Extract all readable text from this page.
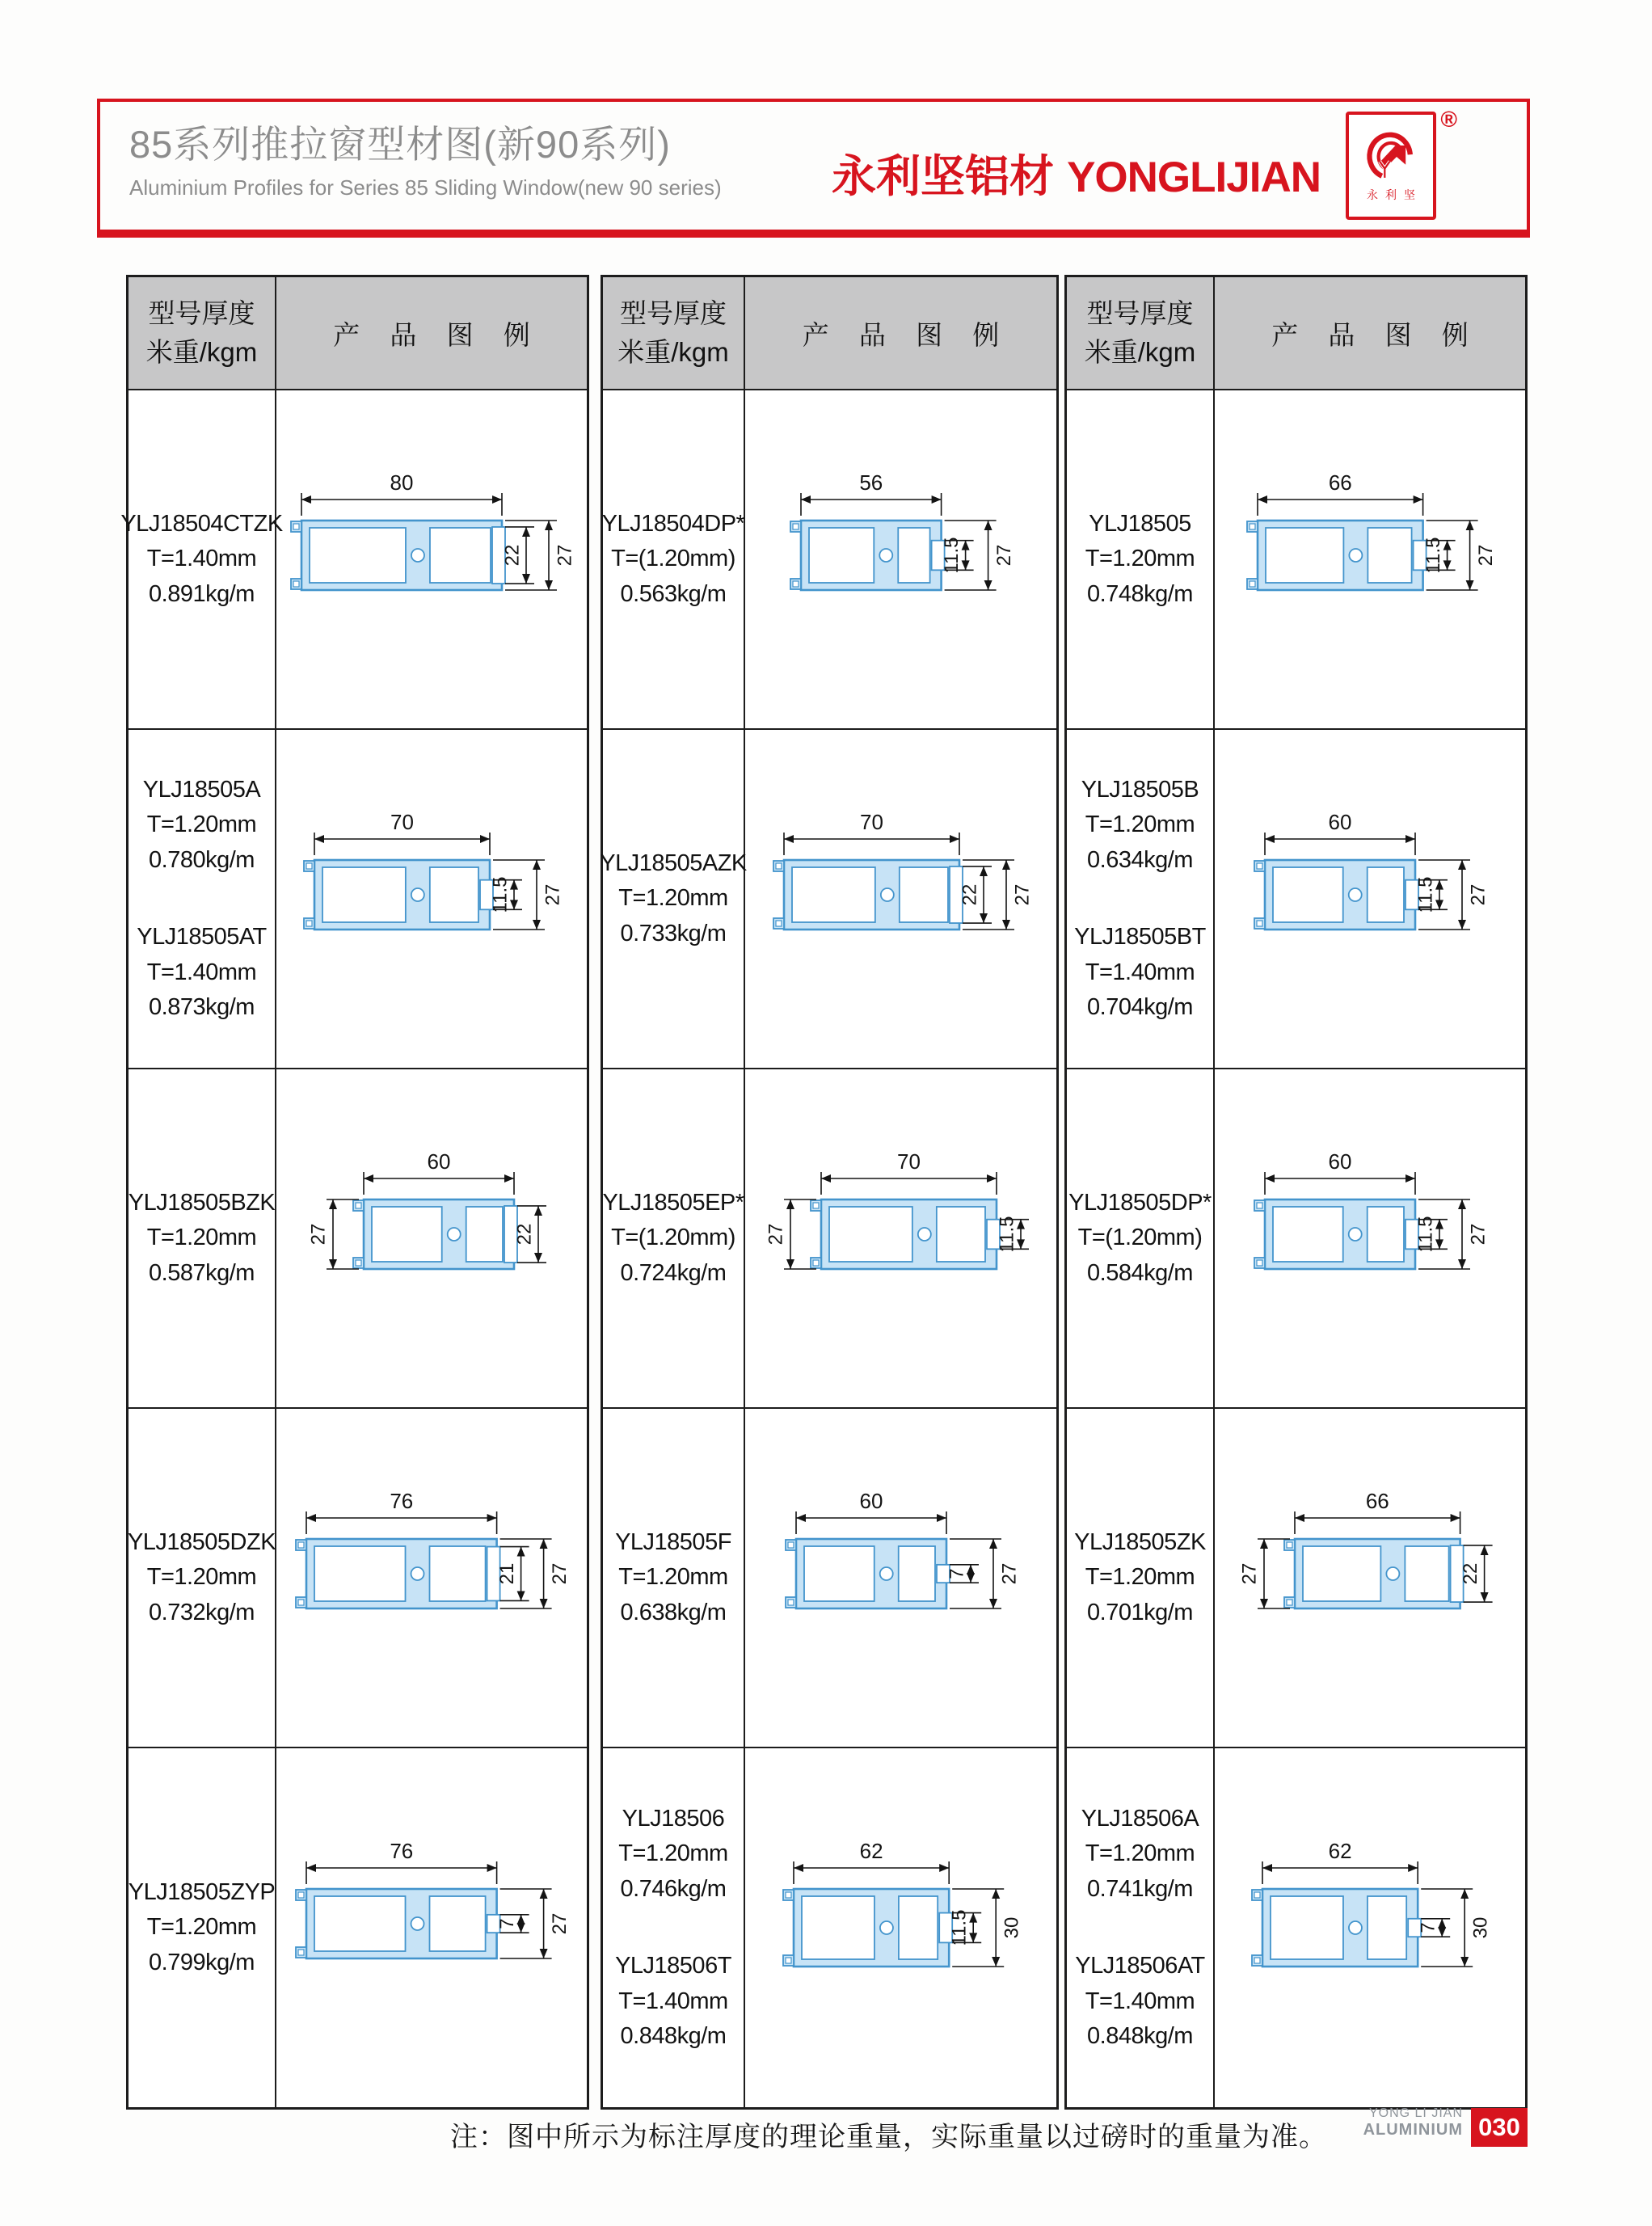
85系列推拉窗型材图(新90系列)
Aluminium Profiles for Series 85 Sliding Window(new 90 series) 永利坚铝材 YONGLIJIAN	永利坚
®
型号厚度
米重/kgm
产 品 图 例
YLJ18504CTZK
T=1.40mm
0.891kg/m
80
22 27
YLJ18505A
T=1.20mm
0.780kg/m
YLJ18505AT
T=1.40mm
0.873kg/m
70
11.5 27
YLJ18505BZK
T=1.20mm
0.587kg/m
60
22
27
YLJ18505DZK
T=1.20mm
0.732kg/m
76
21 27
YLJ18505ZYP
T=1.20mm
0.799kg/m
76
7 27
型号厚度
米重/kgm
产 品 图 例
YLJ18504DP*
T=(1.20mm)
0.563kg/m
56
11.5 27
YLJ18505AZK
T=1.20mm
0.733kg/m
70
22 27
YLJ18505EP*
T=(1.20mm)
0.724kg/m
70
11.5
27
YLJ18505F
T=1.20mm
0.638kg/m
60
7 27
YLJ18506
T=1.20mm
0.746kg/m
YLJ18506T
T=1.40mm
0.848kg/m
62
11.5 30
型号厚度
米重/kgm
产 品 图 例
YLJ18505
T=1.20mm
0.748kg/m
66
11.5 27
YLJ18505B
T=1.20mm
0.634kg/m
YLJ18505BT
T=1.40mm
0.704kg/m
60
11.5 27
YLJ18505DP*
T=(1.20mm)
0.584kg/m
60
11.5 27
YLJ18505ZK
T=1.20mm
0.701kg/m
66
22
27
YLJ18506A
T=1.20mm
0.741kg/m
YLJ18506AT
T=1.40mm
0.848kg/m
62
7 30
注：图中所示为标注厚度的理论重量，实际重量以过磅时的重量为准。
YONG LI JIAN
ALUMINIUM 030
